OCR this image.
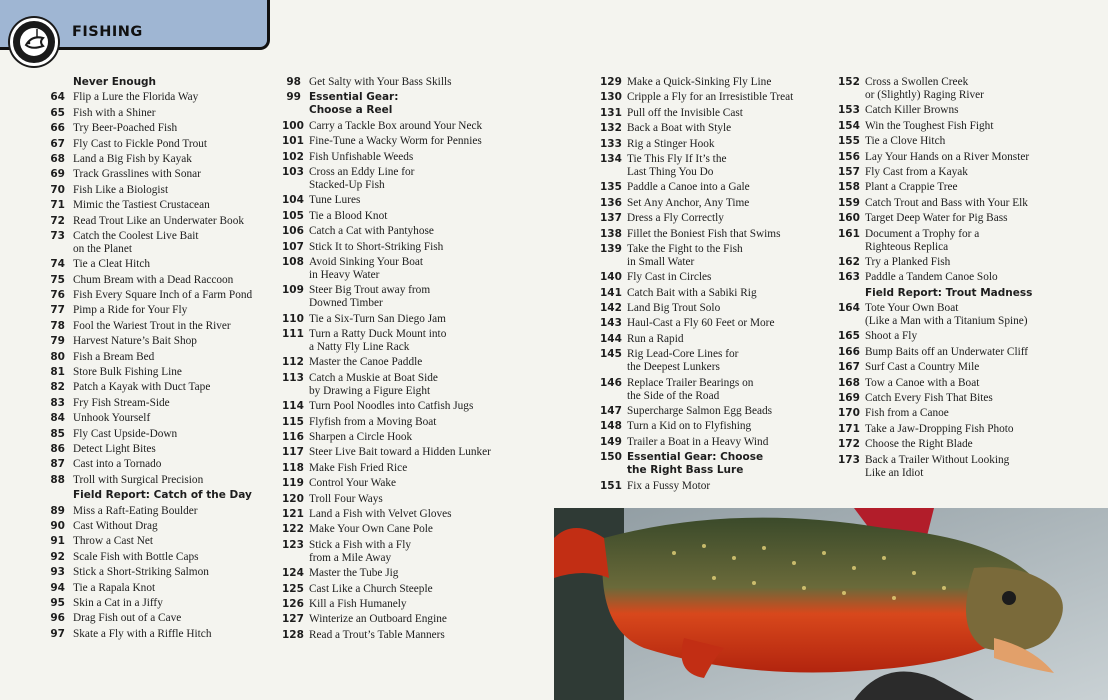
FISHING
Never Enough
64 Flip a Lure the Florida Way
65 Fish with a Shiner
66 Try Beer-Poached Fish
67 Fly Cast to Fickle Pond Trout
68 Land a Big Fish by Kayak
69 Track Grasslines with Sonar
70 Fish Like a Biologist
71 Mimic the Tastiest Crustacean
72 Read Trout Like an Underwater Book
73 Catch the Coolest Live Bait
on the Planet
74 Tie a Cleat Hitch
75 Chum Bream with a Dead Raccoon
76 Fish Every Square Inch of a Farm Pond
77 Pimp a Ride for Your Fly
78 Fool the Wariest Trout in the River
79 Harvest Nature’s Bait Shop
80 Fish a Bream Bed
81 Store Bulk Fishing Line
82 Patch a Kayak with Duct Tape
83 Fry Fish Stream-Side
84 Unhook Yourself
85 Fly Cast Upside-Down
86 Detect Light Bites
87 Cast into a Tornado
88 Troll with Surgical Precision
Field Report: Catch of the Day
89 Miss a Raft-Eating Boulder
90 Cast Without Drag
91 Throw a Cast Net
92 Scale Fish with Bottle Caps
93 Stick a Short-Striking Salmon
94 Tie a Rapala Knot
95 Skin a Cat in a Jiffy
96 Drag Fish out of a Cave
97 Skate a Fly with a Riffle Hitch
98 Get Salty with Your Bass Skills
99 Essential Gear:
Choose a Reel
100 Carry a Tackle Box around Your Neck
101 Fine-Tune a Wacky Worm for Pennies
102 Fish Unfishable Weeds
103 Cross an Eddy Line for
Stacked-Up Fish
104 Tune Lures
105 Tie a Blood Knot
106 Catch a Cat with Pantyhose
107 Stick It to Short-Striking Fish
108 Avoid Sinking Your Boat
in Heavy Water
109 Steer Big Trout away from
Downed Timber
110 Tie a Six-Turn San Diego Jam
111 Turn a Ratty Duck Mount into
a Natty Fly Line Rack
112 Master the Canoe Paddle
113 Catch a Muskie at Boat Side
by Drawing a Figure Eight
114 Turn Pool Noodles into Catfish Jugs
115 Flyfish from a Moving Boat
116 Sharpen a Circle Hook
117 Steer Live Bait toward a Hidden Lunker
118 Make Fish Fried Rice
119 Control Your Wake
120 Troll Four Ways
121 Land a Fish with Velvet Gloves
122 Make Your Own Cane Pole
123 Stick a Fish with a Fly
from a Mile Away
124 Master the Tube Jig
125 Cast Like a Church Steeple
126 Kill a Fish Humanely
127 Winterize an Outboard Engine
128 Read a Trout’s Table Manners
129 Make a Quick-Sinking Fly Line
130 Cripple a Fly for an Irresistible Treat
131 Pull off the Invisible Cast
132 Back a Boat with Style
133 Rig a Stinger Hook
134 Tie This Fly If It’s the
Last Thing You Do
135 Paddle a Canoe into a Gale
136 Set Any Anchor, Any Time
137 Dress a Fly Correctly
138 Fillet the Boniest Fish that Swims
139 Take the Fight to the Fish
in Small Water
140 Fly Cast in Circles
141 Catch Bait with a Sabiki Rig
142 Land Big Trout Solo
143 Haul-Cast a Fly 60 Feet or More
144 Run a Rapid
145 Rig Lead-Core Lines for
the Deepest Lunkers
146 Replace Trailer Bearings on
the Side of the Road
147 Supercharge Salmon Egg Beads
148 Turn a Kid on to Flyfishing
149 Trailer a Boat in a Heavy Wind
150 Essential Gear: Choose
the Right Bass Lure
151 Fix a Fussy Motor
152 Cross a Swollen Creek
or (Slightly) Raging River
153 Catch Killer Browns
154 Win the Toughest Fish Fight
155 Tie a Clove Hitch
156 Lay Your Hands on a River Monster
157 Fly Cast from a Kayak
158 Plant a Crappie Tree
159 Catch Trout and Bass with Your Elk
160 Target Deep Water for Pig Bass
161 Document a Trophy for a
Righteous Replica
162 Try a Planked Fish
163 Paddle a Tandem Canoe Solo
Field Report: Trout Madness
164 Tote Your Own Boat
(Like a Man with a Titanium Spine)
165 Shoot a Fly
166 Bump Baits off an Underwater Cliff
167 Surf Cast a Country Mile
168 Tow a Canoe with a Boat
169 Catch Every Fish That Bites
170 Fish from a Canoe
171 Take a Jaw-Dropping Fish Photo
172 Choose the Right Blade
173 Back a Trailer Without Looking
Like an Idiot
